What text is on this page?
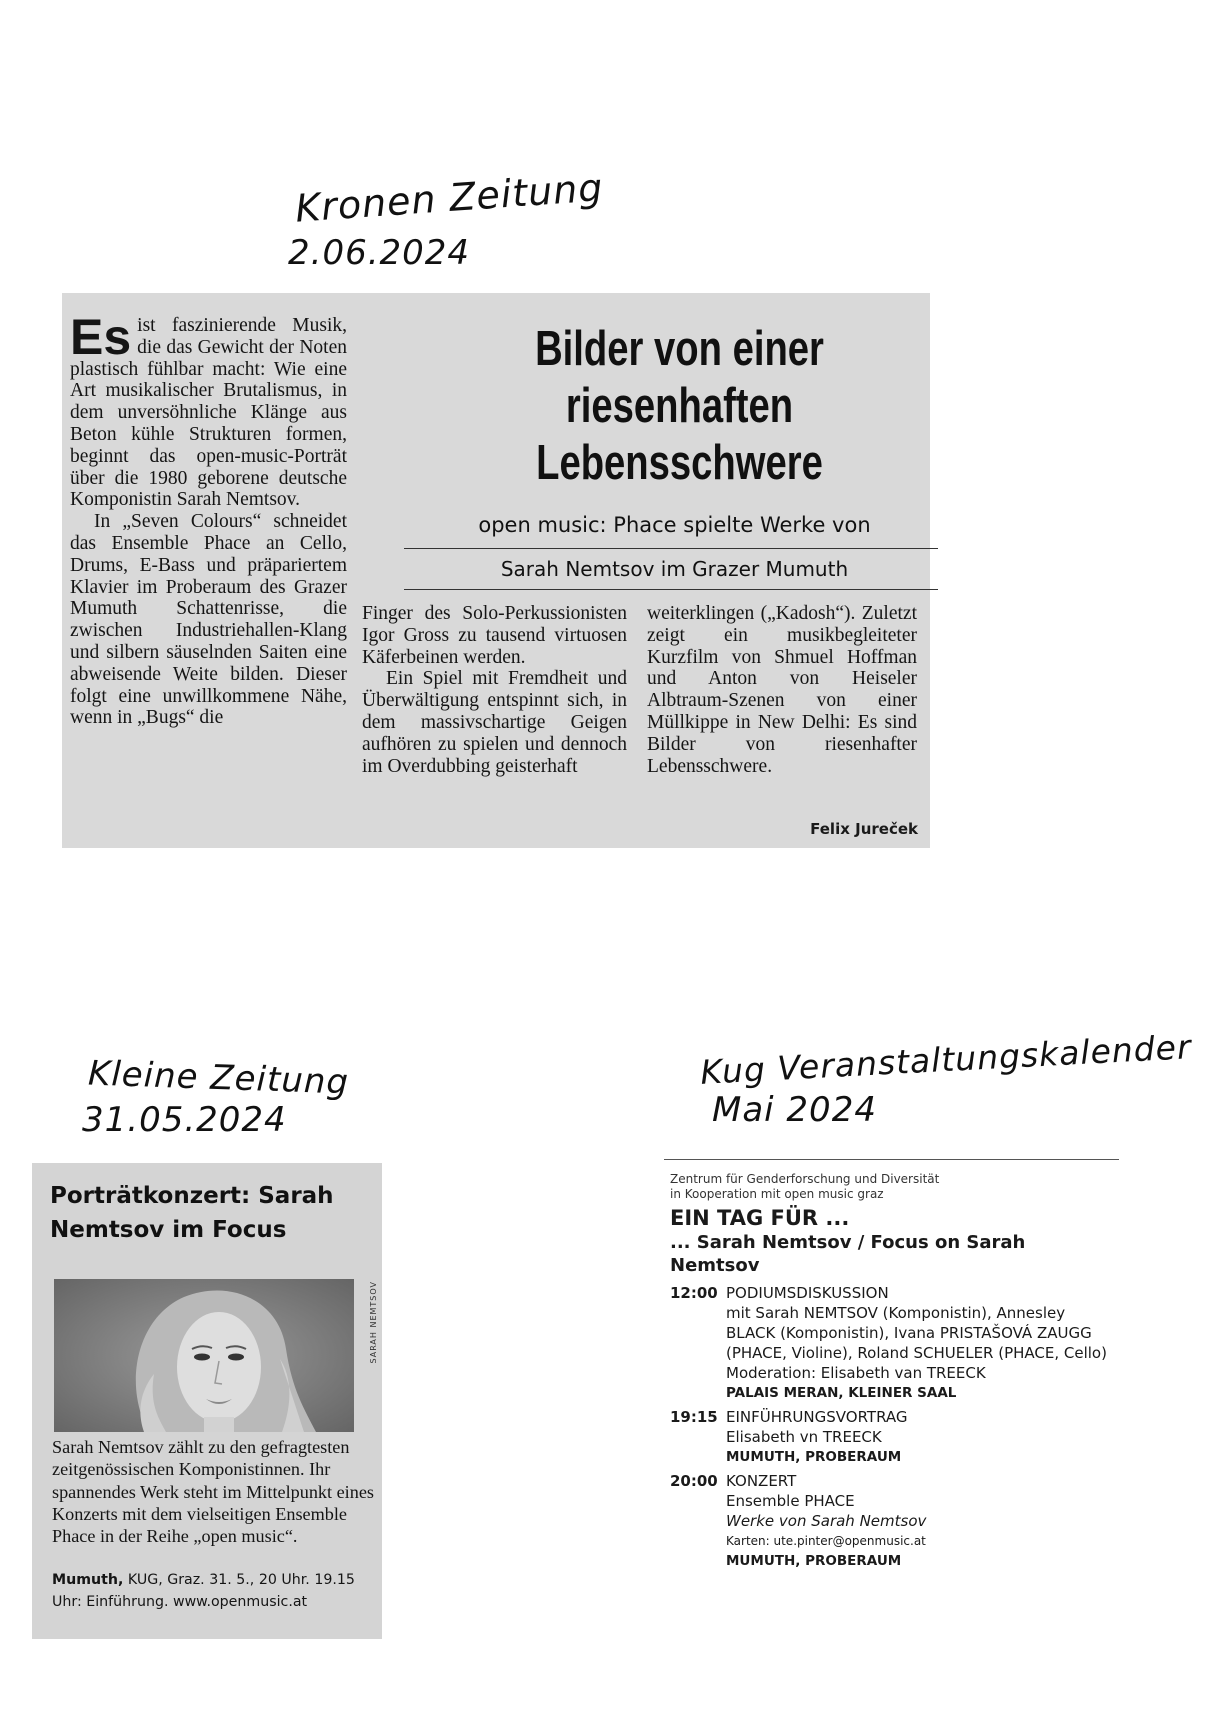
Kronen Zeitung
2.06.2024
Kleine Zeitung
31.05.2024
Kug Veranstaltungskalender
Mai 2024

Es ist faszinierende Musik, die das Gewicht der Noten plastisch fühlbar macht: Wie eine Art musikalischer Brutalismus, in dem unversöhnliche Klänge aus Beton kühle Strukturen formen, beginnt das open-music-Porträt über die 1980 geborene deutsche Komponistin Sarah Nemtsov.

In „Seven Colours“ schneidet das Ensemble Phace an Cello, Drums, E-Bass und präpariertem Klavier im Proberaum des Grazer Mumuth Schattenrisse, die zwischen Industriehallen-Klang und silbern säuselnden Saiten eine abweisende Weite bilden. Dieser folgt eine unwillkommene Nähe, wenn in „Bugs“ die

Bilder von einer
riesenhaften
Lebensschwere
open music: Phace spielte Werke von
Sarah Nemtsov im Grazer Mumuth

Finger des Solo-Perkussionisten Igor Gross zu tausend virtuosen Käferbeinen werden.

Ein Spiel mit Fremdheit und Überwältigung entspinnt sich, in dem massivschartige Geigen aufhören zu spielen und dennoch im Overdubbing geisterhaft

weiterklingen („Kadosh“). Zuletzt zeigt ein musikbegleiteter Kurzfilm von Shmuel Hoffman und Anton von Heiseler Albtraum-Szenen von einer Müllkippe in New Delhi: Es sind Bilder von riesenhafter Lebensschwere.

Felix Jureček
Porträtkonzert: Sarah
Nemtsov im Focus
SARAH NEMTSOV

Sarah Nemtsov zählt zu den gefragtesten zeitgenössischen Komponistinnen. Ihr spannendes Werk steht im Mittelpunkt eines Konzerts mit dem vielseitigen Ensemble Phace in der Reihe „open music“.

Mumuth, KUG, Graz. 31. 5., 20 Uhr. 19.15 Uhr: Einführung. www.openmusic.at
Zentrum für Genderforschung und Diversität
in Kooperation mit open music graz
EIN TAG FÜR ...
... Sarah Nemtsov / Focus on Sarah Nemtsov
12:00 PODIUMSDISKUSSION
mit Sarah NEMTSOV (Komponistin), Annesley BLACK (Komponistin), Ivana PRISTAŠOVÁ ZAUGG (PHACE, Violine), Roland SCHUELER (PHACE, Cello)
Moderation: Elisabeth van TREECK
PALAIS MERAN, KLEINER SAAL
19:15 EINFÜHRUNGSVORTRAG
Elisabeth vn TREECK
MUMUTH, PROBERAUM
20:00 KONZERT
Ensemble PHACE
Werke von Sarah Nemtsov
Karten: ute.pinter@openmusic.at
MUMUTH, PROBERAUM
